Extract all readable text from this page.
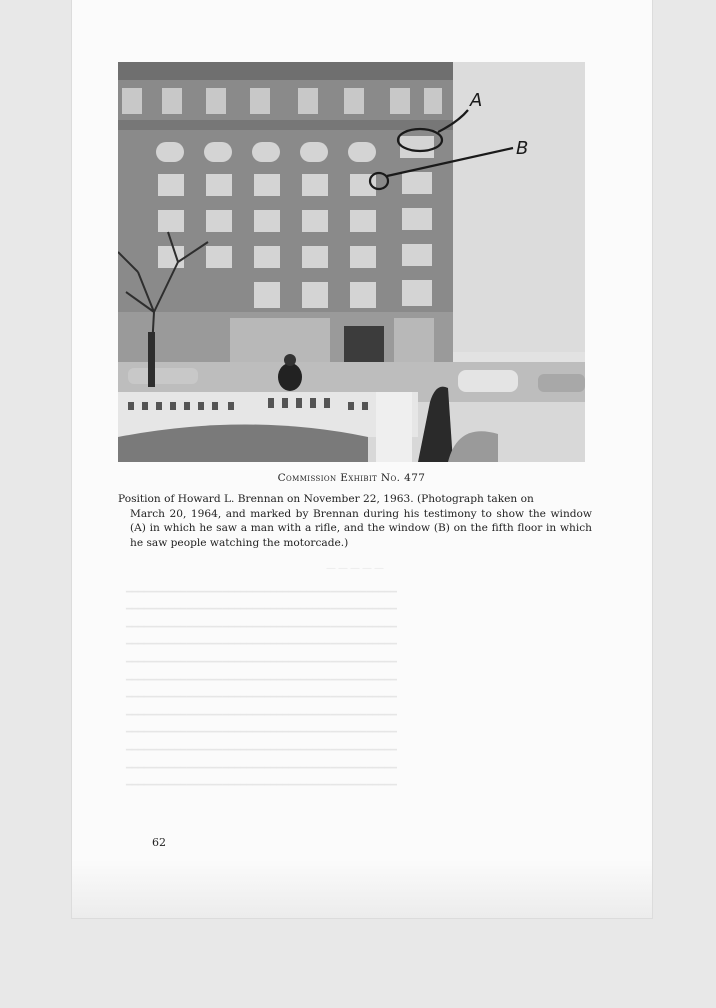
A
B
Commission Exhibit No. 477
Position of Howard L. Brennan on November 22, 1963. (Photograph taken on
March 20, 1964, and marked by Brennan during his testimony to show the window (A) in which he saw a man with a rifle, and the window (B) on the fifth floor in which he saw people watching the motorcade.)
—————
━━━━━━━━━━━━━━━━━━━━━━━━━━━━━━━━━━━━━━━━━━━━━
━━━━━━━━━━━━━━━━━━━━━━━━━━━━━━━━━━━━━━━━━━━━━
━━━━━━━━━━━━━━━━━━━━━━━━━━━━━━━━━━━━━━━━━━━━━
━━━━━━━━━━━━━━━━━━━━━━━━━━━━━━━━━━━━━━━━━━━━━
━━━━━━━━━━━━━━━━━━━━━━━━━━━━━━━━━━━━━━━━━━━━━
━━━━━━━━━━━━━━━━━━━━━━━━━━━━━━━━━━━━━━━━━━━━━
━━━━━━━━━━━━━━━━━━━━━━━━━━━━━━━━━━━━━━━━━━━━━
━━━━━━━━━━━━━━━━━━━━━━━━━━━━━━━━━━━━━━━━━━━━━
━━━━━━━━━━━━━━━━━━━━━━━━━━━━━━━━━━━━━━━━━━━━━
━━━━━━━━━━━━━━━━━━━━━━━━━━━━━━━━━━━━━━━━━━━━━
━━━━━━━━━━━━━━━━━━━━━━━━━━━━━━━━━━━━━━━━━━━━━
━━━━━━━━━━━━━━━━━━━━━━━━━━━━━━━━━━━━━━━━━━━━━
62
